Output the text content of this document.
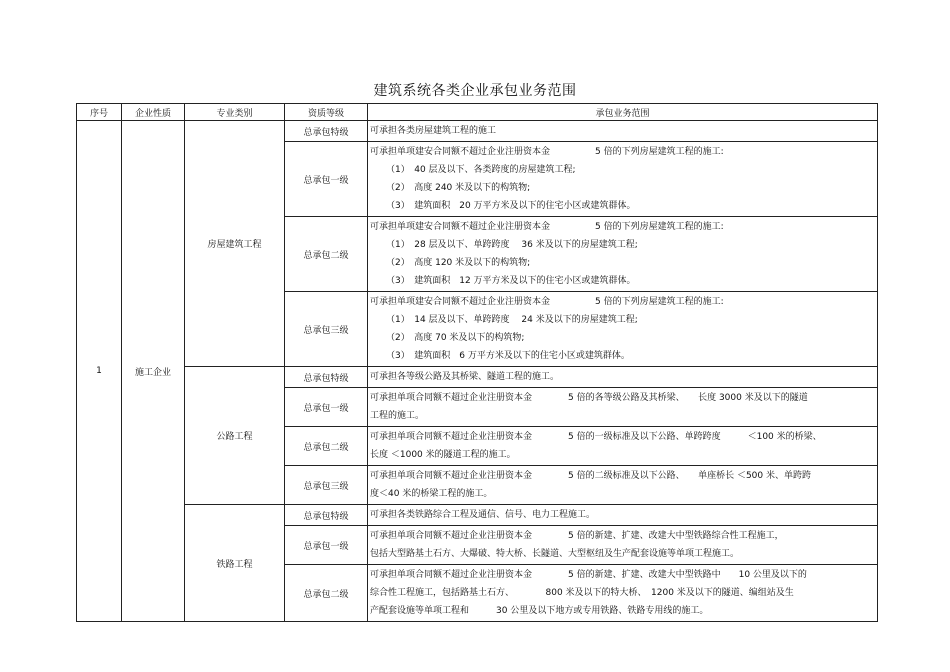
建筑系统各类企业承包业务范围
序号	企业性质	专业类别	资质等级	承包业务范围
1	施工企业	房屋建筑工程	总承包特级	可承担各类房屋建筑工程的施工

			总承包一级	可承担单项建安合同额不超过企业注册资本金　　　　　5 倍的下列房屋建筑工程的施工:
（1）　40 层及以下、各类跨度的房屋建筑工程;
（2）　高度 240 米及以下的构筑物;
（3）　建筑面积　20 万平方米及以下的住宅小区或建筑群体。

			总承包二级	可承担单项建安合同额不超过企业注册资本金　　　　　5 倍的下列房屋建筑工程的施工:
（1）　28 层及以下、单跨跨度　 36 米及以下的房屋建筑工程;
（2）　高度 120 米及以下的构筑物;
（3）　建筑面积　12 万平方米及以下的住宅小区或建筑群体。

			总承包三级	可承担单项建安合同额不超过企业注册资本金　　　　　5 倍的下列房屋建筑工程的施工:
（1）　14 层及以下、单跨跨度　 24 米及以下的房屋建筑工程;
（2）　高度 70 米及以下的构筑物;
（3）　建筑面积　6 万平方米及以下的住宅小区或建筑群体。

		公路工程	总承包特级	可承担各等级公路及其桥梁、隧道工程的施工。

			总承包一级	可承担单项合同额不超过企业注册资本金　　　　5 倍的各等级公路及其桥梁、　　长度 3000 米及以下的隧道
工程的施工。

			总承包二级	可承担单项合同额不超过企业注册资本金　　　　5 倍的一级标准及以下公路、单跨跨度　　　＜100 米的桥梁、
长度 ＜1000 米的隧道工程的施工。

			总承包三级	可承担单项合同额不超过企业注册资本金　　　　5 倍的二级标准及以下公路、　　单座桥长 ＜500 米、单跨跨
度＜40 米的桥梁工程的施工。

		铁路工程	总承包特级	可承担各类铁路综合工程及通信、信号、电力工程施工。

			总承包一级	可承担单项合同额不超过企业注册资本金　　　　5 倍的新建、扩建、改建大中型铁路综合性工程施工，
包括大型路基土石方、大爆破、特大桥、长隧道、大型枢纽及生产配套设施等单项工程施工。

			总承包二级	可承担单项合同额不超过企业注册资本金　　　　5 倍的新建、扩建、改建大中型铁路中　　10 公里及以下的
综合性工程施工，包括路基土石方、　　　　800 米及以下的特大桥、　1200 米及以下的隧道、编组站及生
产配套设施等单项工程和　　　30 公里及以下地方或专用铁路、铁路专用线的施工。
